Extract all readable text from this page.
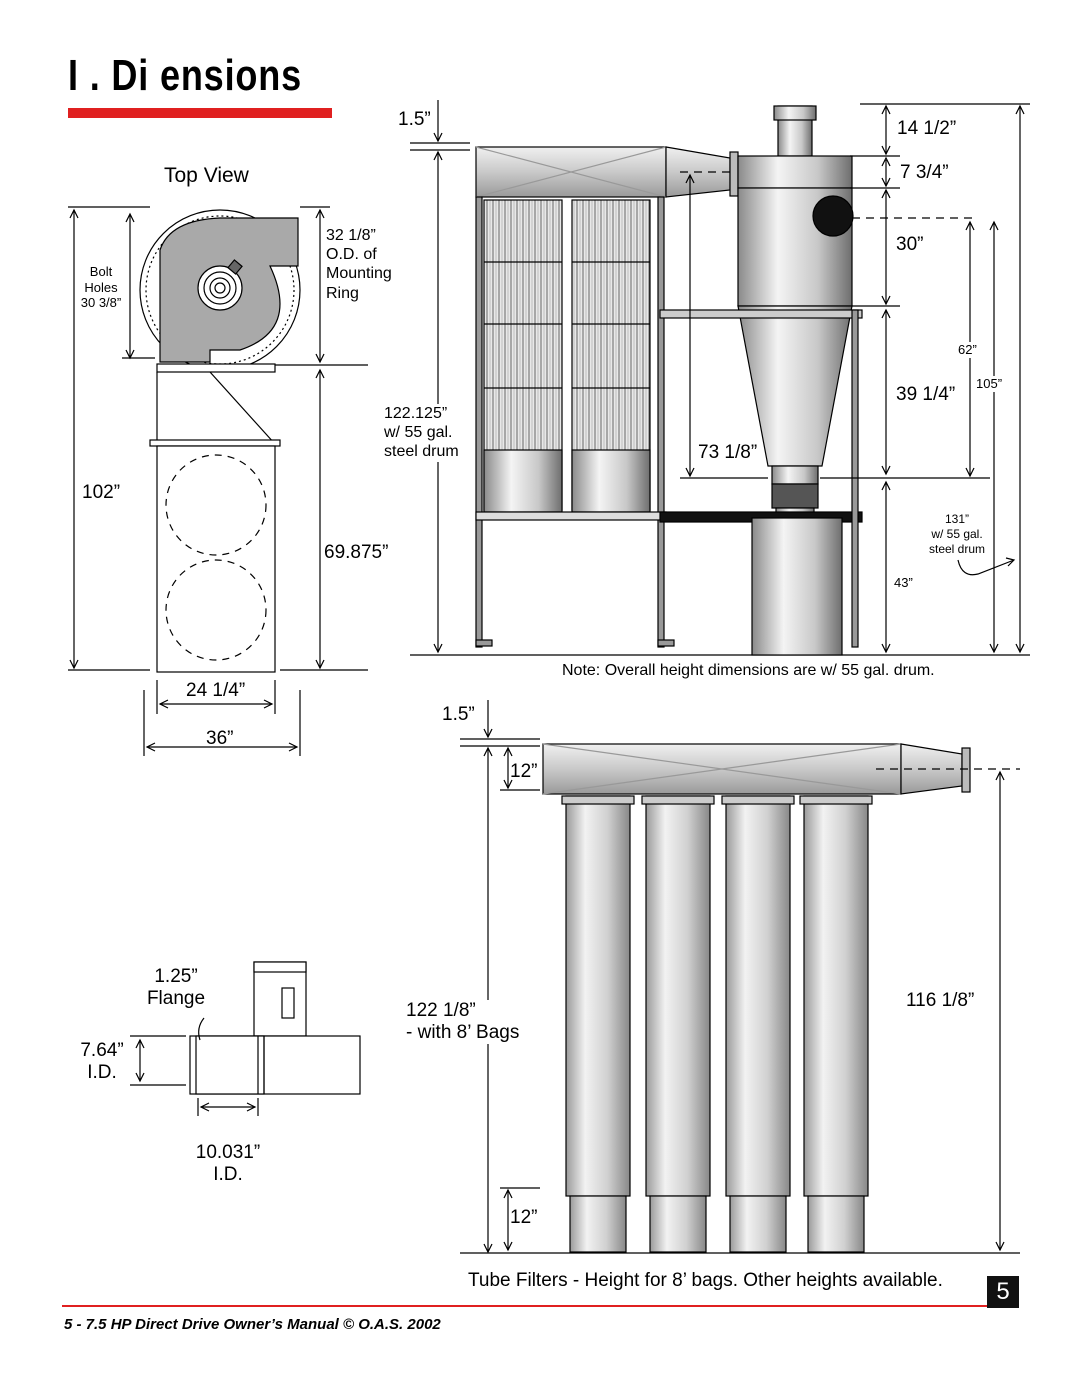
I . Di ensions
Top View
Bolt
Holes
30 3/8”
32 1/8”
O.D. of
Mounting
Ring
102”
69.875”
24 1/4”
36”
1.25”
Flange
7.64”
I.D.
10.031”
I.D.
1.5”
122.125”
w/ 55 gal.
steel drum	73 1/8”
14 1/2”
7 3/4”
30”
62”
39 1/4”
105”
131”
w/ 55 gal.
steel drum
43”
Note: Overall height dimensions are w/ 55 gal. drum.
1.5”
12”
12”
122 1/8”
- with 8’ Bags
116 1/8”
Tube Filters - Height for 8’ bags. Other heights available.	5
5 - 7.5 HP Direct Drive Owner’s Manual © O.A.S. 2002
